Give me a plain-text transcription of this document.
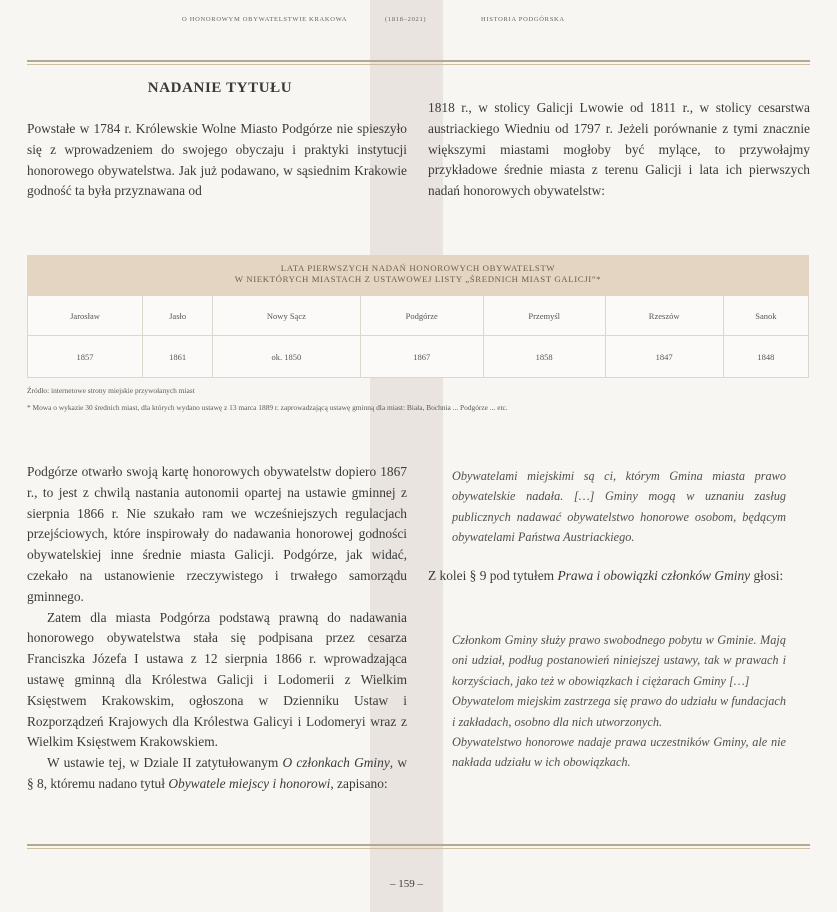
O HONOROWYM OBYWATELSTWIE KRAKOWA	(1818–2021)	HISTORIA PODGÓRSKA
NADANIE TYTUŁU

Powstałe w 1784 r. Królewskie Wolne Miasto Podgórze nie spieszyło się z wprowadzeniem do swojego obyczaju i praktyki instytucji honorowego obywatelstwa. Jak już podawano, w sąsiednim Krakowie godność ta była przyznawana od

1818 r., w stolicy Galicji Lwowie od 1811 r., w stolicy cesarstwa austriackiego Wiedniu od 1797 r. Jeżeli porównanie z tymi znacznie większymi miastami mogłoby być mylące, to przywołajmy przykładowe średnie miasta z terenu Galicji i lata ich pierwszych nadań honorowych obywatelstw:

LATA PIERWSZYCH NADAŃ HONOROWYCH OBYWATELSTW
W NIEKTÓRYCH MIASTACH Z USTAWOWEJ LISTY „ŚREDNICH MIAST GALICJI”*
Jarosław	Jasło	Nowy Sącz	Podgórze	Przemyśl	Rzeszów	Sanok
1857	1861	ok. 1850	1867	1858	1847	1848
Źródło: internetowe strony miejskie przywołanych miast
* Mowa o wykazie 30 średnich miast, dla których wydano ustawę z 13 marca 1889 r. zaprowadzającą ustawę gminną dla miast: Biała, Bochnia ... Podgórze ... etc.

Podgórze otwarło swoją kartę honorowych obywatelstw dopiero 1867 r., to jest z chwilą nastania autonomii opartej na ustawie gminnej z sierpnia 1866 r. Nie szukało ram we wcześniejszych regulacjach przejściowych, które inspirowały do nadawania honorowej godności obywatelskiej inne średnie miasta Galicji. Podgórze, jak widać, czekało na ustanowienie rzeczywistego i trwałego samorządu gminnego.

Zatem dla miasta Podgórza podstawą prawną do nadawania honorowego obywatelstwa stała się podpisana przez cesarza Franciszka Józefa I ustawa z 12 sierpnia 1866 r. wprowadzająca ustawę gminną dla Królestwa Galicji i Lodomerii z Wielkim Księstwem Krakowskim, ogłoszona w Dzienniku Ustaw i Rozporządzeń Krajowych dla Królestwa Galicyi i Lodomeryi wraz z Wielkim Księstwem Krakowskiem.

W ustawie tej, w Dziale II zatytułowanym O członkach Gminy, w § 8, któremu nadano tytuł Obywatele miejscy i honorowi, zapisano:

Obywatelami miejskimi są ci, którym Gmina miasta prawo obywatelskie nadała. […] Gminy mogą w uznaniu zasług publicznych nadawać obywatelstwo honorowe osobom, będącym obywatelami Państwa Austriackiego.

Z kolei § 9 pod tytułem Prawa i obowiązki członków Gminy głosi:

Członkom Gminy służy prawo swobodnego pobytu w Gminie. Mają oni udział, podług postanowień niniejszej ustawy, tak w prawach i korzyściach, jako też w obowiązkach i ciężarach Gminy […]

Obywatelom miejskim zastrzega się prawo do udziału w fundacjach i zakładach, osobno dla nich utworzonych.

Obywatelstwo honorowe nadaje prawa uczestników Gminy, ale nie nakłada udziału w ich obowiązkach.

– 159 –
